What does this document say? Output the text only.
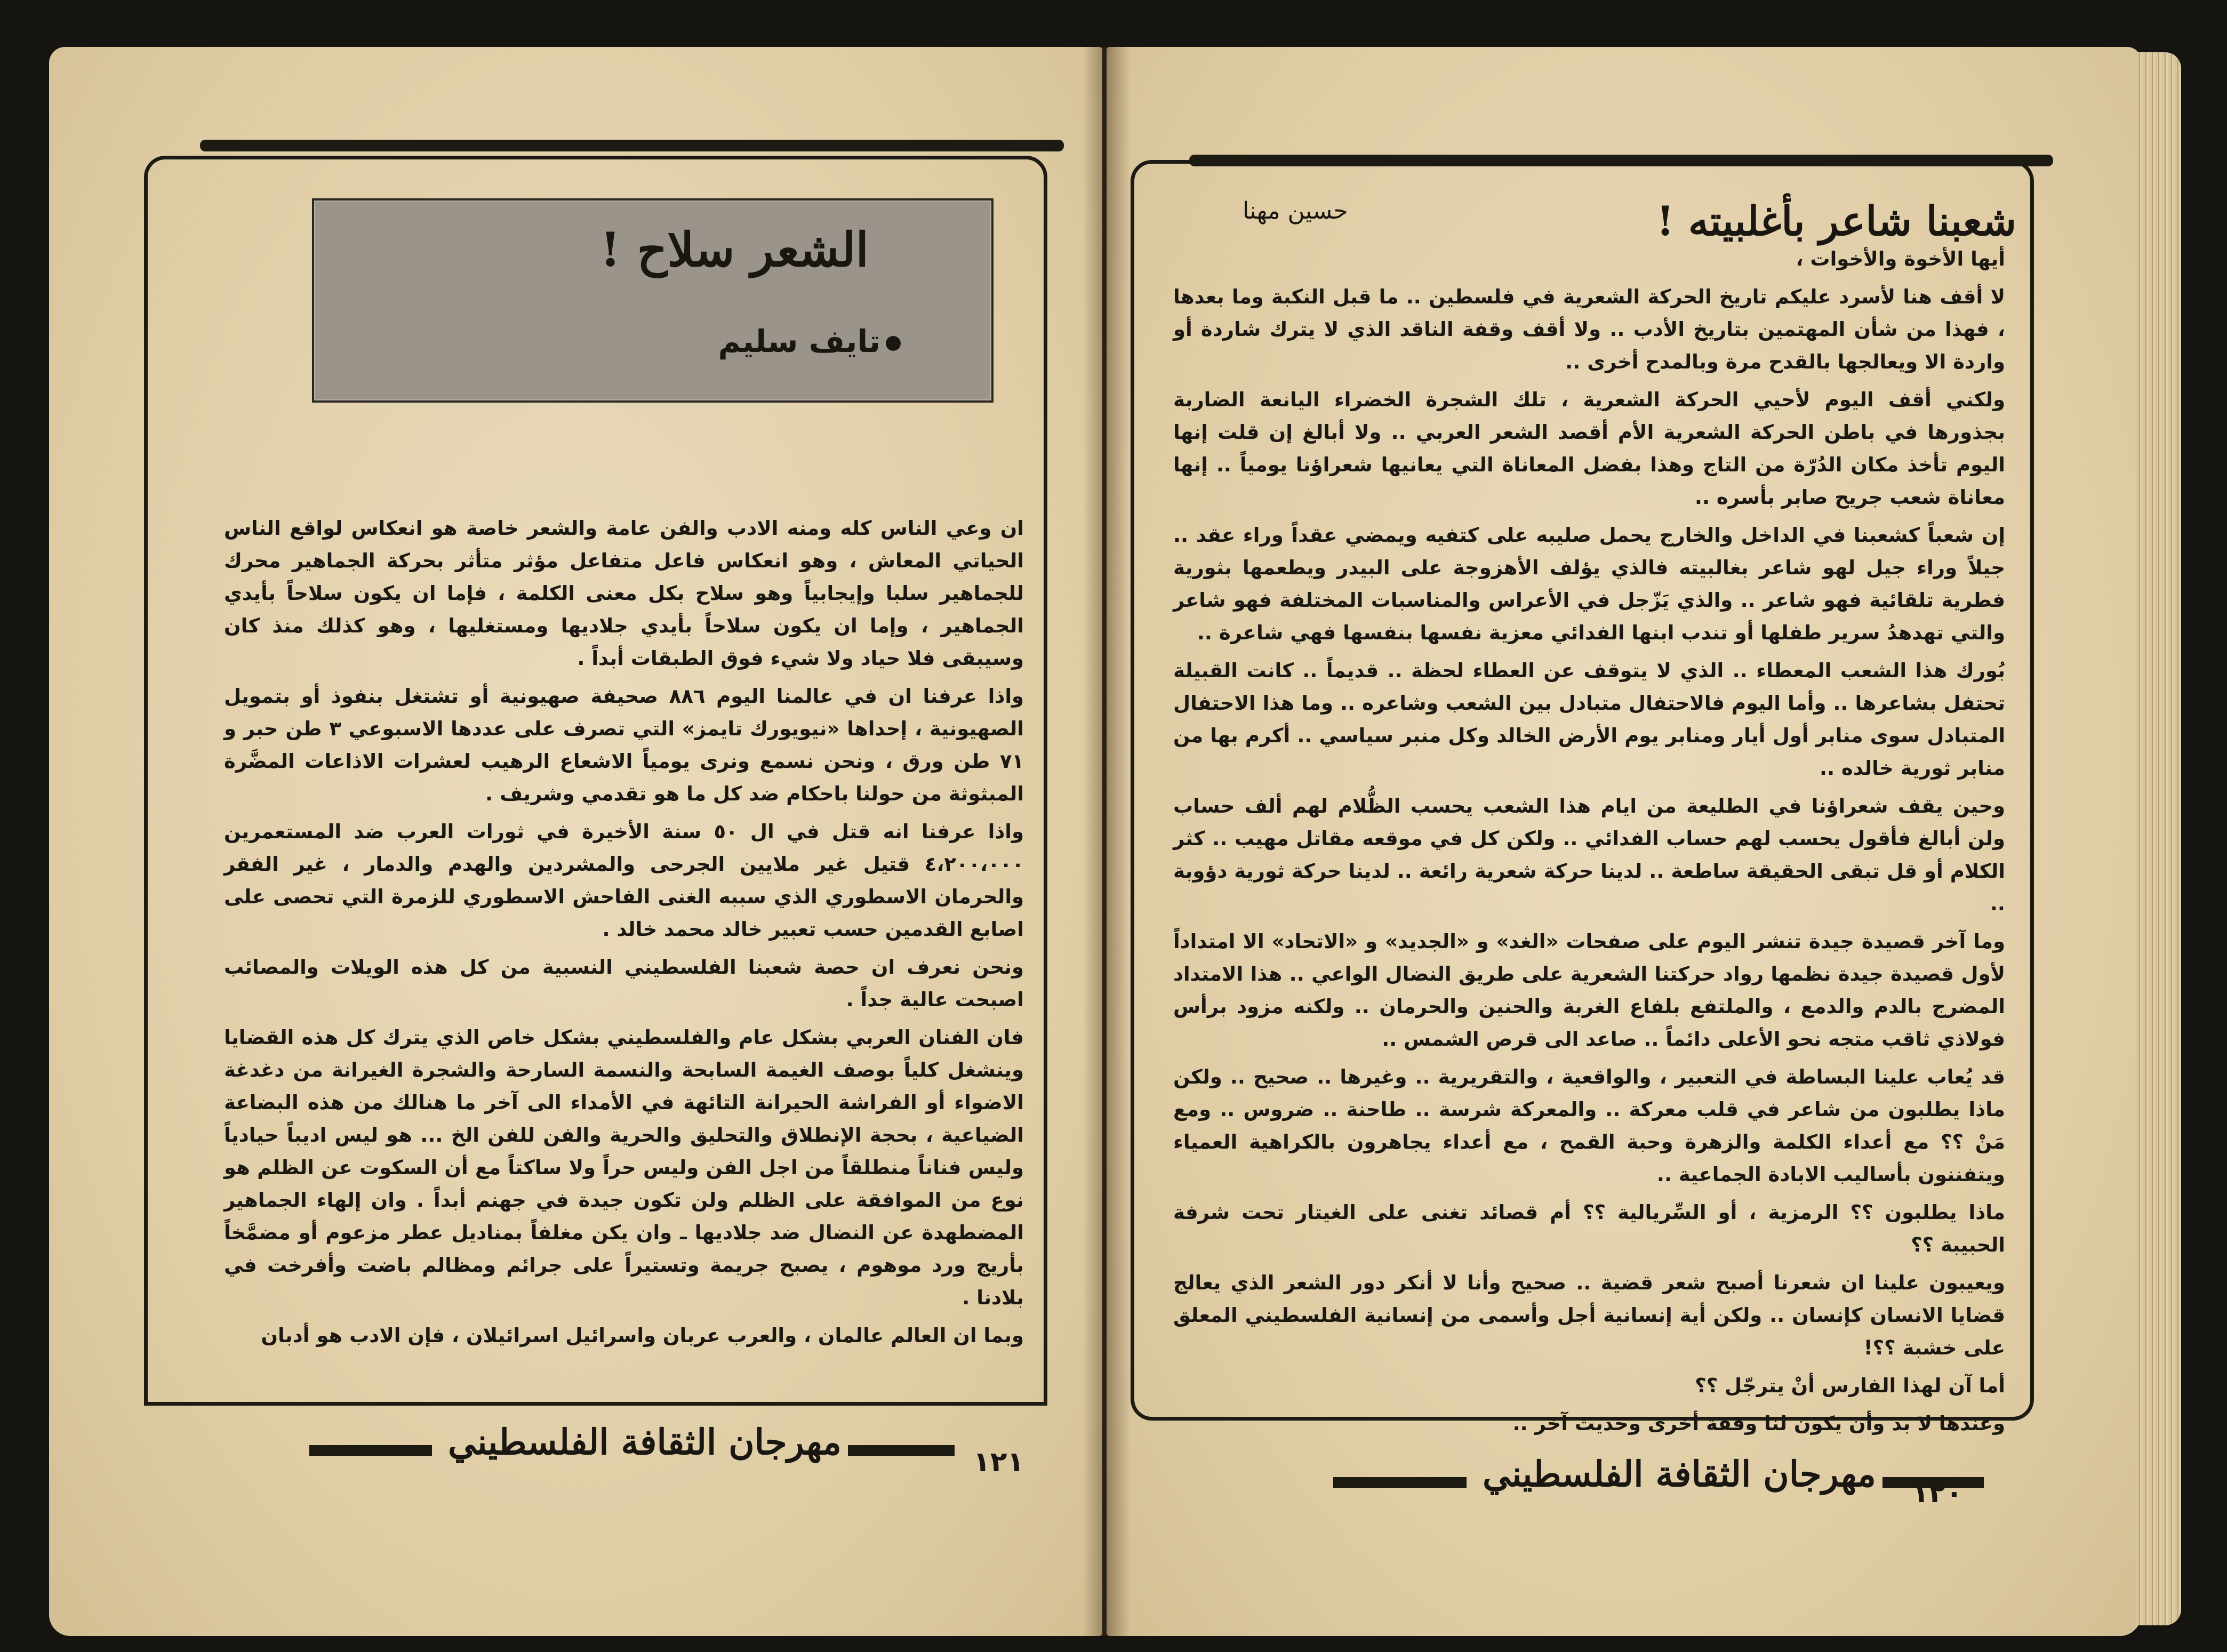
الشعر سلاح !
تايف سليم

ان وعي الناس كله ومنه الادب والفن عامة والشعر خاصة هو انعكاس لواقع الناس الحياتي المعاش ، وهو انعكاس فاعل متفاعل مؤثر متأثر بحركة الجماهير محرك للجماهير سلبا وإيجابياً وهو سلاح بكل معنى الكلمة ، فإما ان يكون سلاحاً بأيدي الجماهير ، وإما ان يكون سلاحاً بأيدي جلاديها ومستغليها ، وهو كذلك منذ كان وسيبقى فلا حياد ولا شيء فوق الطبقات أبداً .

واذا عرفنا ان في عالمنا اليوم ٨٨٦ صحيفة صهيونية أو تشتغل بنفوذ أو بتمويل الصهيونية ، إحداها «نيويورك تايمز» التي تصرف على عددها الاسبوعي ٣ طن حبر و ٧١ طن ورق ، ونحن نسمع ونرى يومياً الاشعاع الرهيب لعشرات الاذاعات المضَّرة المبثوثة من حولنا باحكام ضد كل ما هو تقدمي وشريف .

واذا عرفنا انه قتل في ال ٥٠ سنة الأخيرة في ثورات العرب ضد المستعمرين ٤،٢٠٠،٠٠٠ قتيل غير ملايين الجرحى والمشردين والهدم والدمار ، غير الفقر والحرمان الاسطوري الذي سببه الغنى الفاحش الاسطوري للزمرة التي تحصى على اصابع القدمين حسب تعبير خالد محمد خالد .

ونحن نعرف ان حصة شعبنا الفلسطيني النسبية من كل هذه الويلات والمصائب اصبحت عالية جداً .

فان الفنان العربي بشكل عام والفلسطيني بشكل خاص الذي يترك كل هذه القضايا وينشغل كلياً بوصف الغيمة السابحة والنسمة السارحة والشجرة الغيرانة من دغدغة الاضواء أو الفراشة الحيرانة التائهة في الأمداء الى آخر ما هنالك من هذه البضاعة الضياعية ، بحجة الإنطلاق والتحليق والحرية والفن للفن الخ ... هو ليس اديباً حيادياً وليس فناناً منطلقاً من اجل الفن وليس حراً ولا ساكتاً مع أن السكوت عن الظلم هو نوع من الموافقة على الظلم ولن تكون جيدة في جهنم أبداً . وان إلهاء الجماهير المضطهدة عن النضال ضد جلاديها ـ وان يكن مغلفاً بمناديل عطر مزعوم أو مضمَّخاً بأريج ورد موهوم ، يصبح جريمة وتستيراً على جرائم ومظالم باضت وأفرخت في بلادنا .

وبما ان العالم عالمان ، والعرب عربان واسرائيل اسرائيلان ، فإن الادب هو أدبان

مهرجان الثقافة الفلسطيني	١٢١
شعبنا شاعر بأغلبيته !
حسين مهنا

أيها الأخوة والأخوات ،

لا أقف هنا لأسرد عليكم تاريخ الحركة الشعرية في فلسطين .. ما قبل النكبة وما بعدها ، فهذا من شأن المهتمين بتاريخ الأدب .. ولا أقف وقفة الناقد الذي لا يترك شاردة أو واردة الا ويعالجها بالقدح مرة وبالمدح أخرى ..

ولكني أقف اليوم لأحيي الحركة الشعرية ، تلك الشجرة الخضراء اليانعة الضاربة بجذورها في باطن الحركة الشعرية الأم أقصد الشعر العربي .. ولا أبالغ إن قلت إنها اليوم تأخذ مكان الدُرّة من التاج وهذا بفضل المعاناة التي يعانيها شعراؤنا يومياً .. إنها معاناة شعب جريح صابر بأسره ..

إن شعباً كشعبنا في الداخل والخارج يحمل صليبه على كتفيه ويمضي عقداً وراء عقد .. جيلاً وراء جيل لهو شاعر بغالبيته فالذي يؤلف الأهزوجة على البيدر ويطعمها بثورية فطرية تلقائية فهو شاعر .. والذي يَزّجل في الأعراس والمناسبات المختلفة فهو شاعر والتي تهدهدُ سرير طفلها أو تندب ابنها الفدائي معزية نفسها بنفسها فهي شاعرة ..

بُورك هذا الشعب المعطاء .. الذي لا يتوقف عن العطاء لحظة .. قديماً .. كانت القبيلة تحتفل بشاعرها .. وأما اليوم فالاحتفال متبادل بين الشعب وشاعره .. وما هذا الاحتفال المتبادل سوى منابر أول أيار ومنابر يوم الأرض الخالد وكل منبر سياسي .. أكرم بها من منابر ثورية خالده ..

وحين يقف شعراؤنا في الطليعة من ايام هذا الشعب يحسب الظُّلام لهم ألف حساب ولن أبالغ فأقول يحسب لهم حساب الفدائي .. ولكن كل في موقعه مقاتل مهيب .. كثر الكلام أو قل تبقى الحقيقة ساطعة .. لدينا حركة شعرية رائعة .. لدينا حركة ثورية دؤوبة ..

وما آخر قصيدة جيدة تنشر اليوم على صفحات «الغد» و «الجديد» و «الاتحاد» الا امتداداً لأول قصيدة جيدة نظمها رواد حركتنا الشعرية على طريق النضال الواعي .. هذا الامتداد المضرج بالدم والدمع ، والملتفع بلفاع الغربة والحنين والحرمان .. ولكنه مزود برأس فولاذي ثاقب متجه نحو الأعلى دائماً .. صاعد الى قرص الشمس ..

قد يُعاب علينا البساطة في التعبير ، والواقعية ، والتقريرية .. وغيرها .. صحيح .. ولكن ماذا يطلبون من شاعر في قلب معركة .. والمعركة شرسة .. طاحنة .. ضروس .. ومع مَنْ ؟؟ مع أعداء الكلمة والزهرة وحبة القمح ، مع أعداء يجاهرون بالكراهية العمياء ويتفننون بأساليب الابادة الجماعية ..

ماذا يطلبون ؟؟ الرمزية ، أو السِّريالية ؟؟ أم قصائد تغنى على الغيتار تحت شرفة الحبيبة ؟؟

ويعيبون علينا ان شعرنا أصبح شعر قضية .. صحيح وأنا لا أنكر دور الشعر الذي يعالج قضايا الانسان كإنسان .. ولكن أية إنسانية أجل وأسمى من إنسانية الفلسطيني المعلق على خشبة ؟؟!

أما آن لهذا الفارس أنْ يترجّل ؟؟

وعندها لا بد وأن يكون لنا وقفة أخرى وحديث آخر ..

مهرجان الثقافة الفلسطيني ١٢٠
